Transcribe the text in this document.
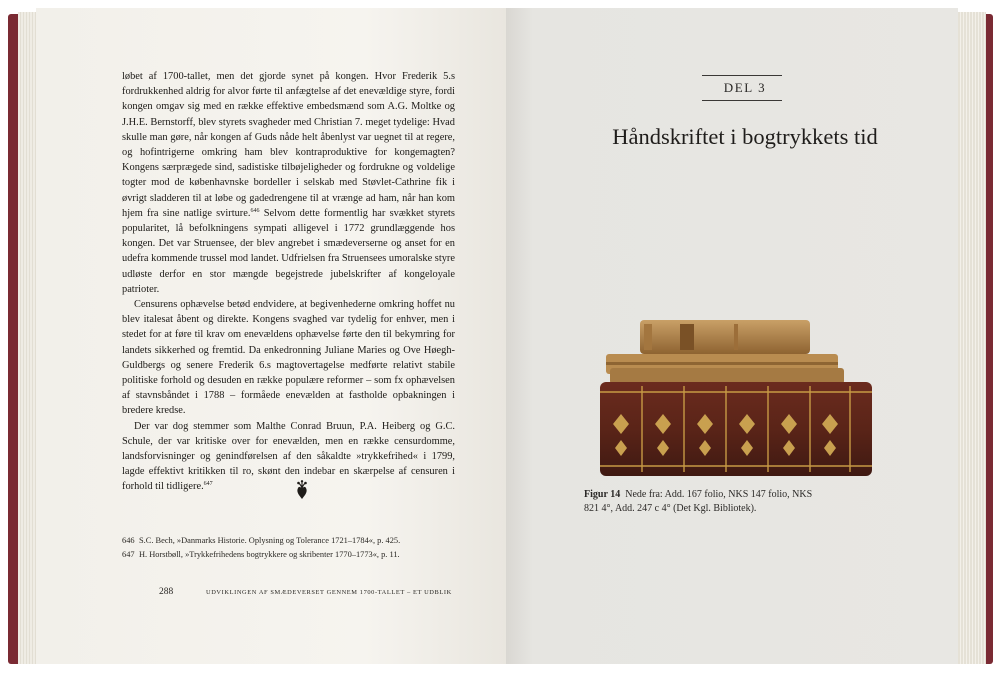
løbet af 1700-tallet, men det gjorde synet på kongen. Hvor Frederik 5.s fordrukkenhed aldrig for alvor førte til anfægtelse af det enevældige styre, fordi kongen omgav sig med en række effektive embedsmænd som A.G. Moltke og J.H.E. Bernstorff, blev styrets svagheder med Christian 7. meget tydelige: Hvad skulle man gøre, når kongen af Guds nåde helt åbenlyst var uegnet til at regere, og hofintrigerne omkring ham blev kontraproduktive for kongemagten? Kongens særprægede sind, sadistiske tilbøjeligheder og fordrukne og voldelige togter mod de københavnske bordeller i selskab med Støvlet-Cathrine fik i øvrigt sladderen til at løbe og gadedrengene til at vrænge ad ham, når han kom hjem fra sine natlige svirture.$^{646}$ Selvom dette formentlig har svækket styrets popularitet, lå befolkningens sympati alligevel i 1772 grundlæggende hos kongen. Det var Struensee, der blev angrebet i smædeverserne og anset for en udefra kommende trussel mod landet. Udfrielsen fra Struensees umoralske styre udløste derfor en stor mængde begejstrede jubelskrifter af kongeloyale patrioter.

Censurens ophævelse betød endvidere, at begivenhederne omkring hoffet nu blev italesat åbent og direkte. Kongens svaghed var tydelig for enhver, men i stedet for at føre til krav om enevældens ophævelse førte den til bekymring for landets sikkerhed og fremtid. Da enkedronning Juliane Maries og Ove Høegh-Guldbergs og senere Frederik 6.s magtovertagelse medførte relativt stabile politiske forhold og desuden en række populære reformer – som fx ophævelsen af stavnsbåndet i 1788 – formåede enevælden at fastholde opbakningen i bredere kredse.

Der var dog stemmer som Malthe Conrad Bruun, P.A. Heiberg og G.C. Schule, der var kritiske over for enevælden, men en række censurdomme, landsforvisninger og genindførelsen af den såkaldte »trykkefrihed« i 1799, lagde effektivt kritikken til ro, skønt den indebar en skærpelse af censuren i forhold til tidligere.$^{647}$

646 S.C. Bech, »Danmarks Historie. Oplysning og Tolerance 1721–1784«, p. 425.

647 H. Horstbøll, »Trykkefrihedens bogtrykkere og skribenter 1770–1773«, p. 11.

288	UDVIKLINGEN AF SMÆDEVERSET GENNEM 1700-TALLET – ET UDBLIK
DEL 3
Håndskriftet i bogtrykkets tid
Figur 14 Nede fra: Add. 167 folio, NKS 147 folio, NKS 821 4°, Add. 247 c 4° (Det Kgl. Bibliotek).
